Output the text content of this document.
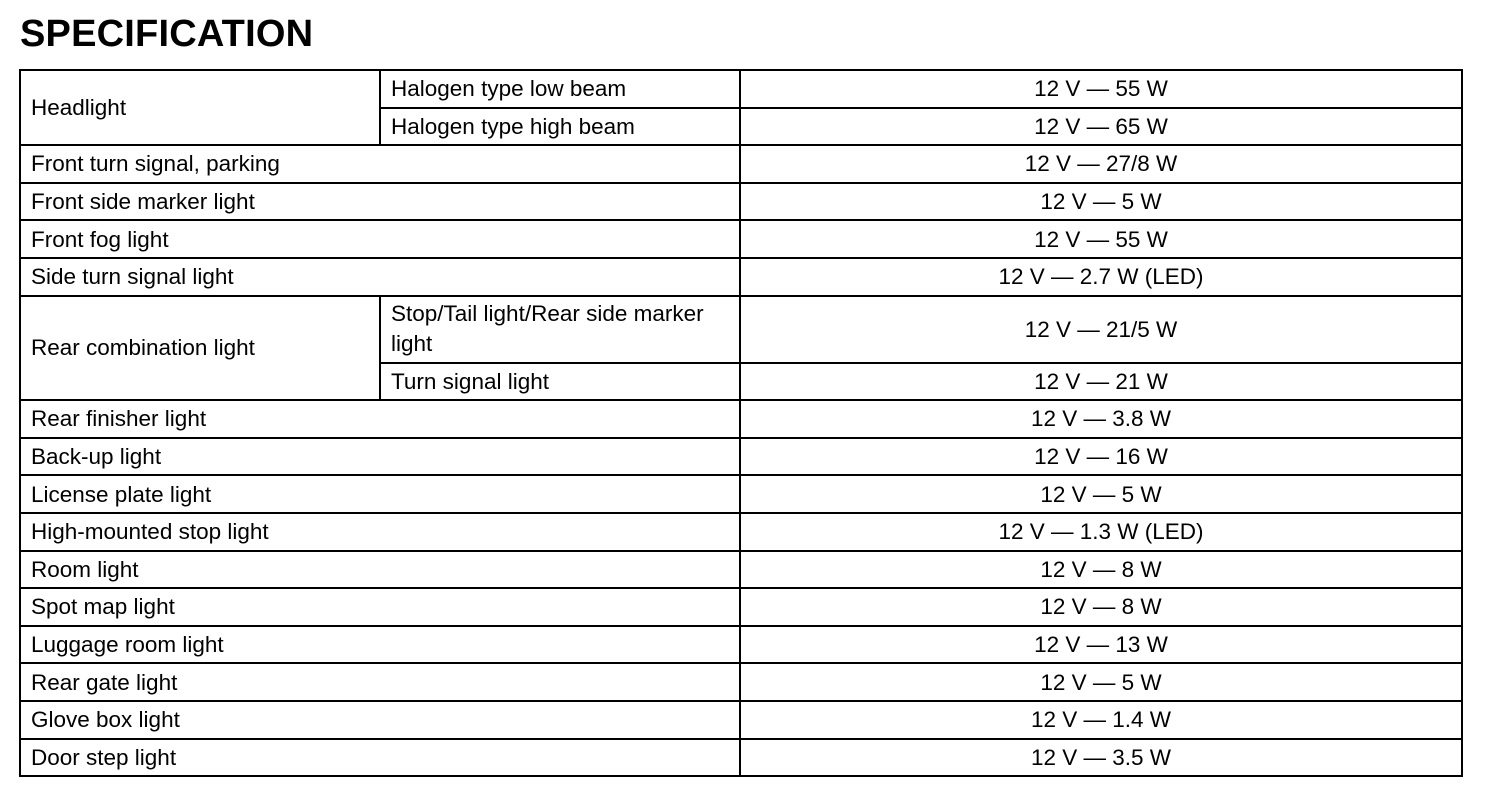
SPECIFICATION
Headlight	Halogen type low beam	12 V — 55 W
	Halogen type high beam	12 V — 65 W
Front turn signal, parking		12 V — 27/8 W
Front side marker light		12 V — 5 W
Front fog light		12 V — 55 W
Side turn signal light		12 V — 2.7 W (LED)
Rear combination light	Stop/Tail light/Rear side marker light	12 V — 21/5 W
	Turn signal light	12 V — 21 W
Rear finisher light		12 V — 3.8 W
Back-up light		12 V — 16 W
License plate light		12 V — 5 W
High-mounted stop light		12 V — 1.3 W (LED)
Room light		12 V — 8 W
Spot map light		12 V — 8 W
Luggage room light		12 V — 13 W
Rear gate light		12 V — 5 W
Glove box light		12 V — 1.4 W
Door step light		12 V — 3.5 W
